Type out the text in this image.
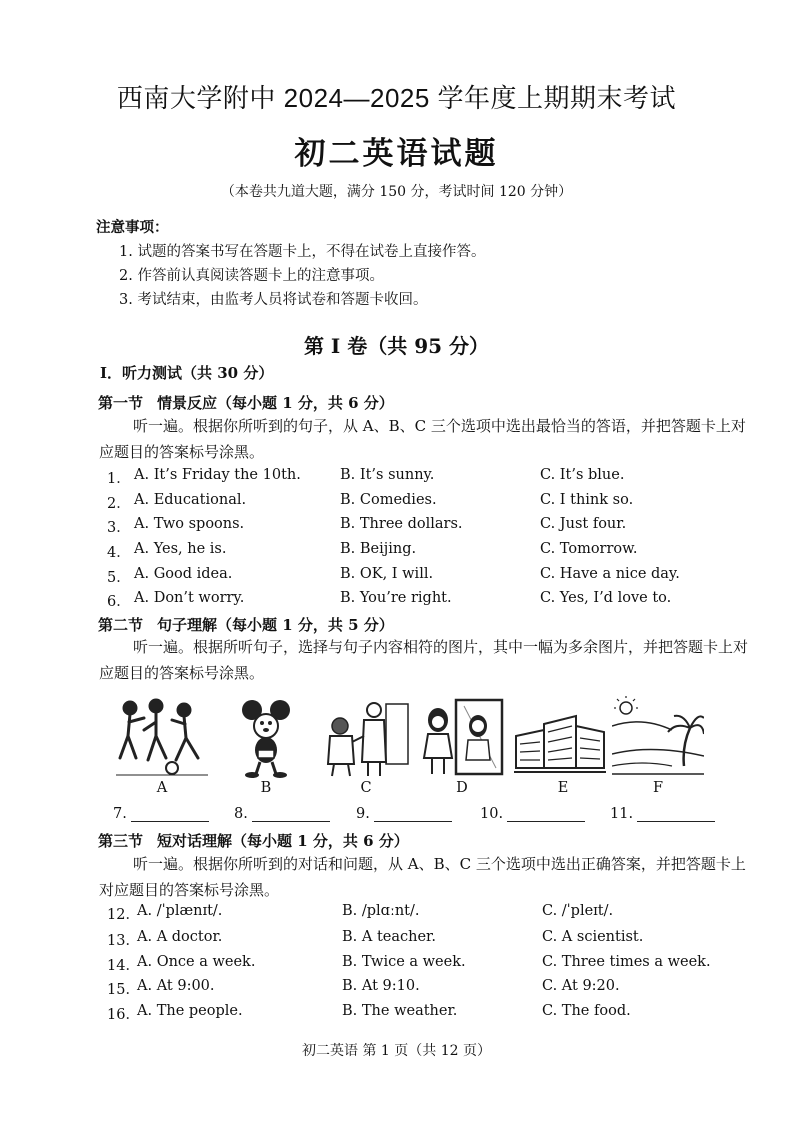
西南大学附中 2024—2025 学年度上期期末考试
初二英语试题
（本卷共九道大题，满分 150 分，考试时间 120 分钟）
注意事项：
1. 试题的答案书写在答题卡上，不得在试卷上直接作答。
2. 作答前认真阅读答题卡上的注意事项。
3. 考试结束，由监考人员将试卷和答题卡收回。
第 I 卷（共 95 分）
I．听力测试（共 30 分）
第一节 情景反应（每小题 1 分，共 6 分）
听一遍。根据你所听到的句子，从 A、B、C 三个选项中选出最恰当的答语，并把答题卡上对应题目的答案标号涂黑。
1． A. It’s Friday the 10th.	B. It’s sunny.	C. It’s blue.
2． A. Educational.	B. Comedies.	C. I think so.
3． A. Two spoons.	B. Three dollars.	C. Just four.
4． A. Yes, he is.	B. Beijing.	C. Tomorrow.
5． A. Good idea.	B. OK, I will.	C. Have a nice day.
6． A. Don’t worry.	B. You’re right.	C. Yes, I’d love to.
第二节 句子理解（每小题 1 分，共 5 分）
听一遍。根据所听句子，选择与句子内容相符的图片，其中一幅为多余图片，并把答题卡上对应题目的答案标号涂黑。
A	B	C	D	E	F
7.	8.	9.	10.	11.
第三节 短对话理解（每小题 1 分，共 6 分）
听一遍。根据你所听到的对话和问题，从 A、B、C 三个选项中选出正确答案，并把答题卡上对应题目的答案标号涂黑。
12．
A. /ˈplænɪt/.	B. /plɑːnt/.	C. /ˈpleɪt/.
13．
A. A doctor.	B. A teacher.	C. A scientist.
14．
A. Once a week.	B. Twice a week.	C. Three times a week.
15．
A. At 9:00.	B. At 9:10.	C. At 9:20.
16．
A. The people.	B. The weather.	C. The food.
初二英语 第 1 页（共 12 页）
